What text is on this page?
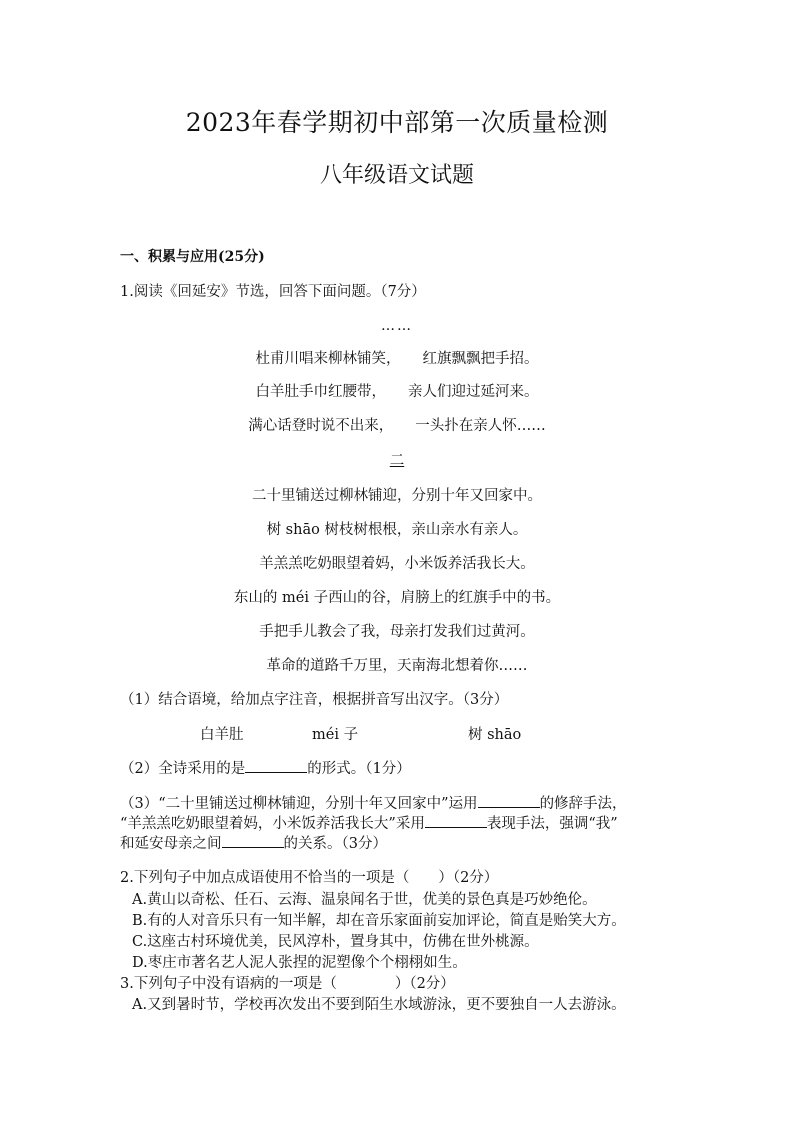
2023年春学期初中部第一次质量检测
八年级语文试题
一、积累与应用(25分)
1.阅读《回延安》节选，回答下面问题。（7分）
……
杜甫川唱来柳林铺笑， 红旗飘飘把手招。
白羊肚手巾红腰带， 亲人们迎过延河来。
满心话登时说不出来， 一头扑在亲人怀……
二
二十里铺送过柳林铺迎，分别十年又回家中。
树 shāo 树枝树根根，亲山亲水有亲人。
羊羔羔吃奶眼望着妈，小米饭养活我长大。
东山的 méi 子西山的谷，肩膀上的红旗手中的书。
手把手儿教会了我，母亲打发我们过黄河。
革命的道路千万里，天南海北想着你……
（1）结合语境，给加点字注音，根据拼音写出汉字。（3分）
白羊肚	méi 子	树 shāo
（2）全诗采用的是	的形式。（1分）
（3）“二十里铺送过柳林铺迎，分别十年又回家中”运用	的修辞手法，
“羊羔羔吃奶眼望着妈，小米饭养活我长大”采用	表现手法，强调“我”
和延安母亲之间	的关系。（3分）
2.下列句子中加点成语使用不恰当的一项是（　　）（2分）
A.黄山以奇松、任石、云海、温泉闻名于世，优美的景色真是巧妙绝伦。
B.有的人对音乐只有一知半解，却在音乐家面前妄加评论，简直是贻笑大方。
C.这座古村环境优美，民风淳朴，置身其中，仿佛在世外桃源。
D.枣庄市著名艺人泥人张捏的泥塑像个个栩栩如生。
3.下列句子中没有语病的一项是（　　　　）（2分）
A.又到暑时节，学校再次发出不要到陌生水域游泳，更不要独自一人去游泳。
